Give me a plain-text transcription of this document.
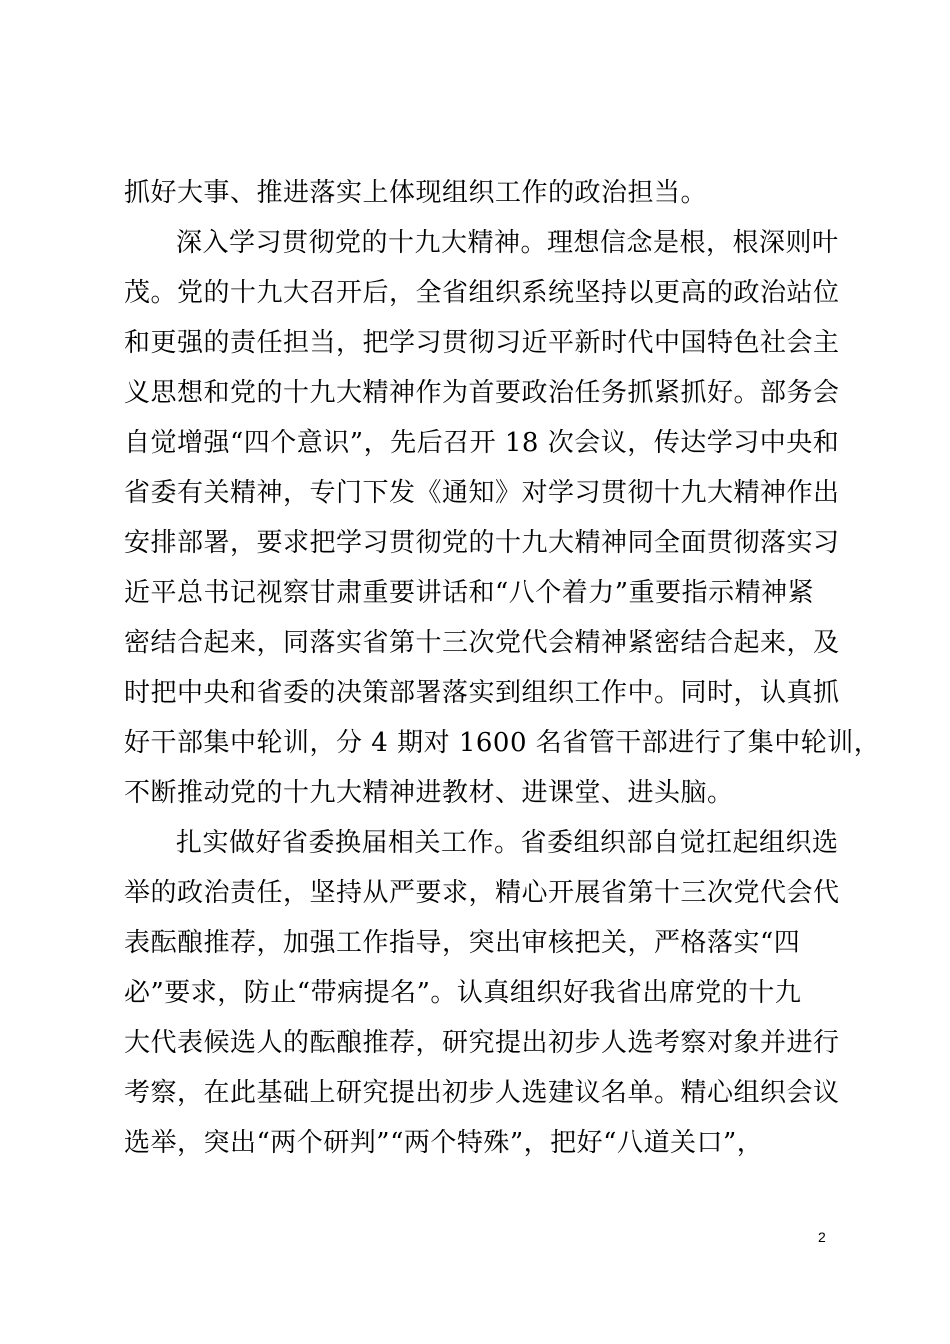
抓好大事、推进落实上体现组织工作的政治担当。
深入学习贯彻党的十九大精神。理想信念是根，根深则叶
茂。党的十九大召开后，全省组织系统坚持以更高的政治站位
和更强的责任担当，把学习贯彻习近平新时代中国特色社会主
义思想和党的十九大精神作为首要政治任务抓紧抓好。部务会
自觉增强“四个意识”，先后召开 18 次会议，传达学习中央和
省委有关精神，专门下发《通知》对学习贯彻十九大精神作出
安排部署，要求把学习贯彻党的十九大精神同全面贯彻落实习
近平总书记视察甘肃重要讲话和“八个着力”重要指示精神紧
密结合起来，同落实省第十三次党代会精神紧密结合起来，及
时把中央和省委的决策部署落实到组织工作中。同时，认真抓
好干部集中轮训，分 4 期对 1600 名省管干部进行了集中轮训，
不断推动党的十九大精神进教材、进课堂、进头脑。
扎实做好省委换届相关工作。省委组织部自觉扛起组织选
举的政治责任，坚持从严要求，精心开展省第十三次党代会代
表酝酿推荐，加强工作指导，突出审核把关，严格落实“四
必”要求，防止“带病提名”。认真组织好我省出席党的十九
大代表候选人的酝酿推荐，研究提出初步人选考察对象并进行
考察，在此基础上研究提出初步人选建议名单。精心组织会议
选举，突出“两个研判”“两个特殊”，把好“八道关口”，
2
